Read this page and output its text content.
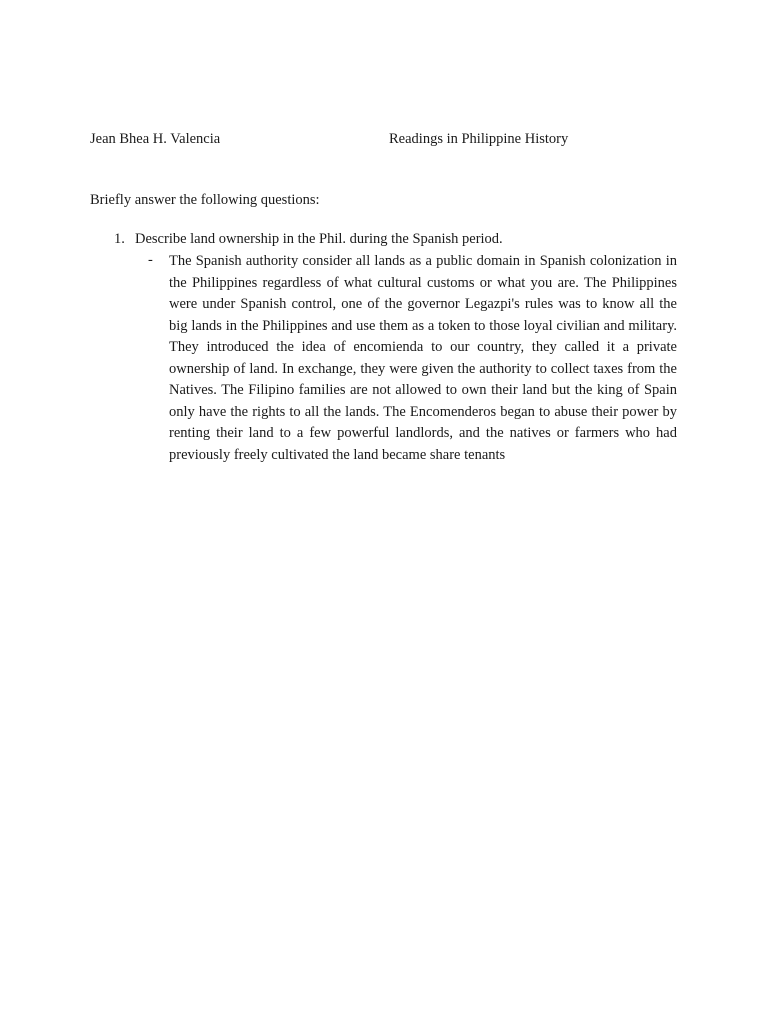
Jean Bhea H. Valencia	Readings in Philippine History
Briefly answer the following questions:
1. Describe land ownership in the Phil. during the Spanish period.
- The Spanish authority consider all lands as a public domain in Spanish colonization in the Philippines regardless of what cultural customs or what you are. The Philippines were under Spanish control, one of the governor Legazpi's rules was to know all the big lands in the Philippines and use them as a token to those loyal civilian and military. They introduced the idea of encomienda to our country, they called it a private ownership of land. In exchange, they were given the authority to collect taxes from the Natives. The Filipino families are not allowed to own their land but the king of Spain only have the rights to all the lands. The Encomenderos began to abuse their power by renting their land to a few powerful landlords, and the natives or farmers who had previously freely cultivated the land became share tenants
